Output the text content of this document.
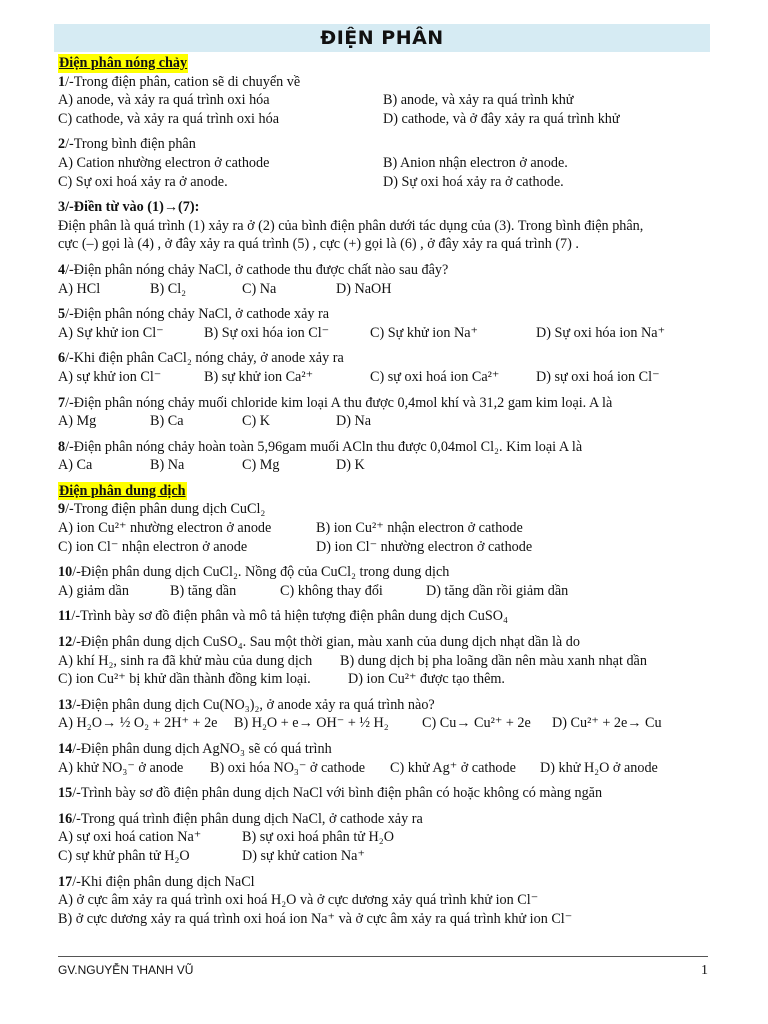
ĐIỆN PHÂN
Điện phân nóng chảy
1/-Trong điện phân, cation sẽ di chuyển về
A) anode, và xảy ra quá trình oxi hóa	B) anode, và xảy ra quá trình khử
C) cathode, và xảy ra quá trình oxi hóa	D) cathode, và ở đây xảy ra quá trình khử
2/-Trong bình điện phân
A) Cation nhường electron ở cathode	B) Anion nhận electron ở anode.
C) Sự oxi hoá xảy ra ở anode.	D) Sự oxi hoá xảy ra ở cathode.
3/-Điền từ vào (1)→(7):
Điện phân là quá trình (1) xảy ra ở (2) của bình điện phân dưới tác dụng của (3). Trong bình điện phân,
cực (–) gọi là (4) , ở đây xảy ra quá trình (5) , cực (+) gọi là (6) , ở đây xảy ra quá trình (7) .
4/-Điện phân nóng chảy NaCl, ở cathode thu được chất nào sau đây?
A) HCl	B) Cl₂	C) Na	D) NaOH
5/-Điện phân nóng chảy NaCl, ở cathode xảy ra
A) Sự khử ion Cl⁻	B) Sự oxi hóa ion Cl⁻	C) Sự khử ion Na⁺	D) Sự oxi hóa ion Na⁺
6/-Khi điện phân CaCl₂ nóng chảy, ở anode xảy ra
A) sự khử ion Cl⁻	B) sự khử ion Ca²⁺	C) sự oxi hoá ion Ca²⁺	D) sự oxi hoá ion Cl⁻
7/-Điện phân nóng chảy muối chloride kim loại A thu được 0,4mol khí và 31,2 gam kim loại. A là
A) Mg	B) Ca	C) K	D) Na
8/-Điện phân nóng chảy hoàn toàn 5,96gam muối ACln thu được 0,04mol Cl₂. Kim loại A là
A) Ca	B) Na	C) Mg	D) K
Điện phân dung dịch
9/-Trong điện phân dung dịch CuCl₂
A) ion Cu²⁺ nhường electron ở anode	B) ion Cu²⁺ nhận electron ở cathode
C) ion Cl⁻ nhận electron ở anode	D) ion Cl⁻ nhường electron ở cathode
10/-Điện phân dung dịch CuCl₂. Nồng độ của CuCl₂ trong dung dịch
A) giảm dần	B) tăng dần	C) không thay đổi	D) tăng dần rồi giảm dần
11/-Trình bày sơ đồ điện phân và mô tả hiện tượng điện phân dung dịch CuSO₄
12/-Điện phân dung dịch CuSO₄. Sau một thời gian, màu xanh của dung dịch nhạt dần là do
A) khí H₂, sinh ra đã khử màu của dung dịch	B) dung dịch bị pha loãng dần nên màu xanh nhạt dần
C) ion Cu²⁺ bị khử dần thành đồng kim loại.	D) ion Cu²⁺ được tạo thêm.
13/-Điện phân dung dịch Cu(NO₃)₂, ở anode xảy ra quá trình nào?
A) H₂O→ ½ O₂ + 2H⁺ + 2e	B) H₂O + e→ OH⁻ + ½ H₂	C) Cu→ Cu²⁺ + 2e	D) Cu²⁺ + 2e→ Cu
14/-Điện phân dung dịch AgNO₃ sẽ có quá trình
A) khử NO₃⁻ ở anode	B) oxi hóa NO₃⁻ ở cathode	C) khử Ag⁺ ở cathode	D) khử H₂O ở anode
15/-Trình bày sơ đồ điện phân dung dịch NaCl với bình điện phân có hoặc không có màng ngăn
16/-Trong quá trình điện phân dung dịch NaCl, ở cathode xảy ra
A) sự oxi hoá cation Na⁺	B) sự oxi hoá phân tử H₂O
C) sự khử phân tử H₂O	D) sự khử cation Na⁺
17/-Khi điện phân dung dịch NaCl
A) ở cực âm xảy ra quá trình oxi hoá H₂O và ở cực dương xảy quá trình khử ion Cl⁻
B) ở cực dương xảy ra quá trình oxi hoá ion Na⁺ và ở cực âm xảy ra quá trình khử ion Cl⁻
GV.NGUYỄN THANH VŨ	1
